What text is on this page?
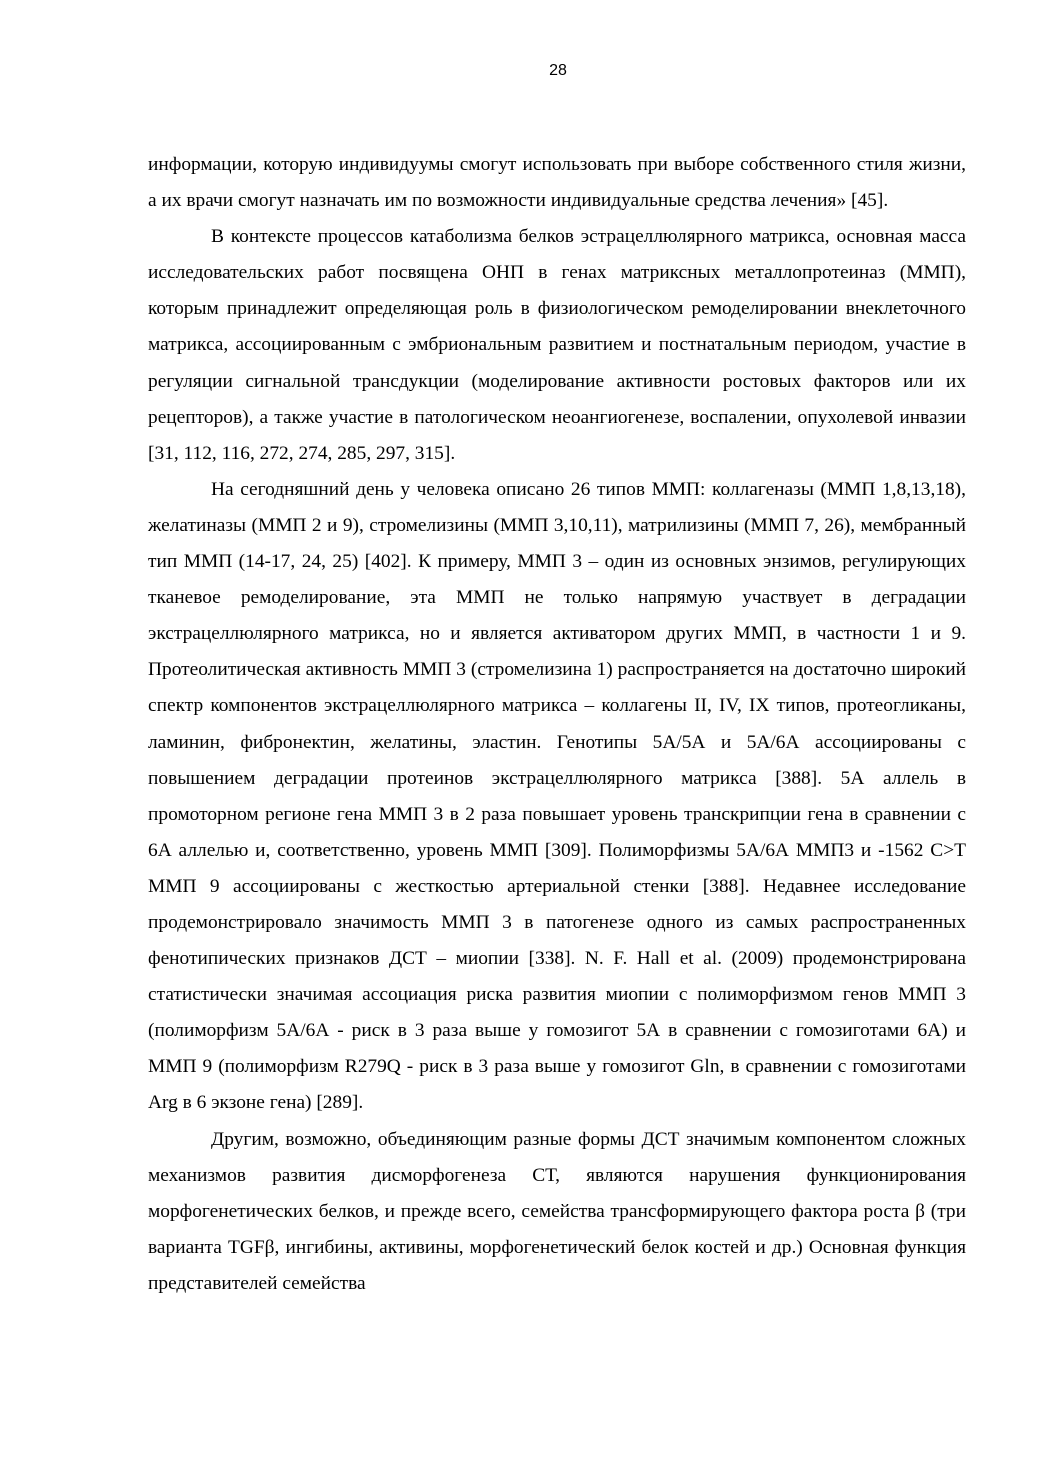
28

информации, которую индивидуумы смогут использовать при выборе собственного стиля жизни, а их врачи смогут назначать им по возможности индивидуальные средства лечения» [45].

В контексте процессов катаболизма белков эстрацеллюлярного матрикса, основная масса исследовательских работ посвящена ОНП в генах матриксных металлопротеиназ (ММП), которым принадлежит определяющая роль в физиологическом ремоделировании внеклеточного матрикса, ассоциированным с эмбриональным развитием и постнатальным периодом, участие в регуляции сигнальной трансдукции (моделирование активности ростовых факторов или их рецепторов), а также участие в патологическом неоангиогенезе, воспалении, опухолевой инвазии [31, 112, 116, 272, 274, 285, 297, 315].

На сегодняшний день у человека описано 26 типов ММП: коллагеназы (ММП 1,8,13,18), желатиназы (ММП 2 и 9), стромелизины (ММП 3,10,11), матрилизины (ММП 7, 26), мембранный тип ММП (14-17, 24, 25) [402]. К примеру, ММП 3 – один из основных энзимов, регулирующих тканевое ремоделирование, эта ММП не только напрямую участвует в деградации экстрацеллюлярного матрикса, но и является активатором других ММП, в частности 1 и 9. Протеолитическая активность ММП 3 (стромелизина 1) распространяется на достаточно широкий спектр компонентов экстрацеллюлярного матрикса – коллагены II, IV, IX типов, протеогликаны, ламинин, фибронектин, желатины, эластин. Генотипы 5А/5А и 5А/6А ассоциированы с повышением деградации протеинов экстрацеллюлярного матрикса [388]. 5А аллель в промоторном регионе гена ММП 3 в 2 раза повышает уровень транскрипции гена в сравнении с 6А аллелью и, соответственно, уровень ММП [309]. Полиморфизмы 5А/6А ММП3 и -1562 C>T ММП 9 ассоциированы с жесткостью артериальной стенки [388]. Недавнее исследование продемонстрировало значимость ММП 3 в патогенезе одного из самых распространенных фенотипических признаков ДСТ – миопии [338]. N. F. Hall et al. (2009) продемонстрирована статистически значимая ассоциация риска развития миопии с полиморфизмом генов ММП 3 (полиморфизм 5А/6А - риск в 3 раза выше у гомозигот 5А в сравнении с гомозиготами 6А) и ММП 9 (полиморфизм R279Q - риск в 3 раза выше у гомозигот Gln, в сравнении с гомозиготами Arg в 6 экзоне гена) [289].

Другим, возможно, объединяющим разные формы ДСТ значимым компонентом сложных механизмов развития дисморфогенеза СТ, являются нарушения функционирования морфогенетических белков, и прежде всего, семейства трансформирующего фактора роста β (три варианта TGFβ, ингибины, активины, морфогенетический белок костей и др.) Основная функция представителей семейства
